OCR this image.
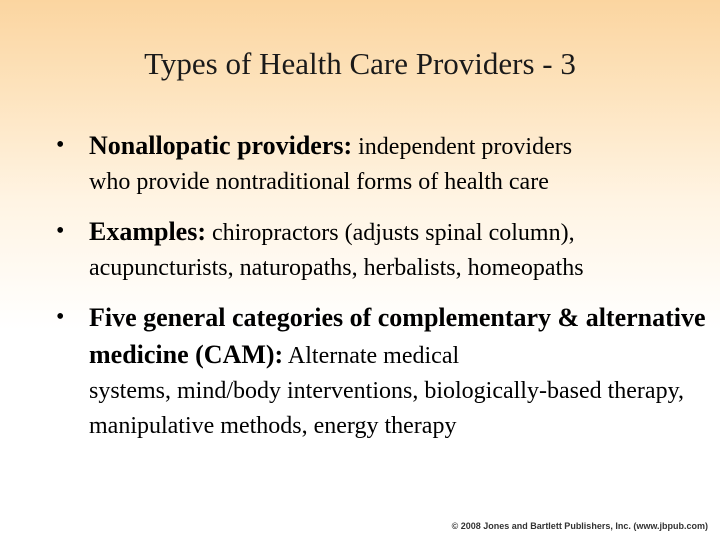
Types of Health Care Providers - 3
• Nonallopatic providers: independent providers
who provide nontraditional forms of health care
• Examples: chiropractors (adjusts spinal column),
acupuncturists, naturopaths, herbalists, homeopaths
• Five general categories of complementary & alternative medicine (CAM): Alternate medical
systems, mind/body interventions, biologically-based therapy, manipulative methods, energy therapy
© 2008 Jones and Bartlett Publishers, Inc. (www.jbpub.com)
